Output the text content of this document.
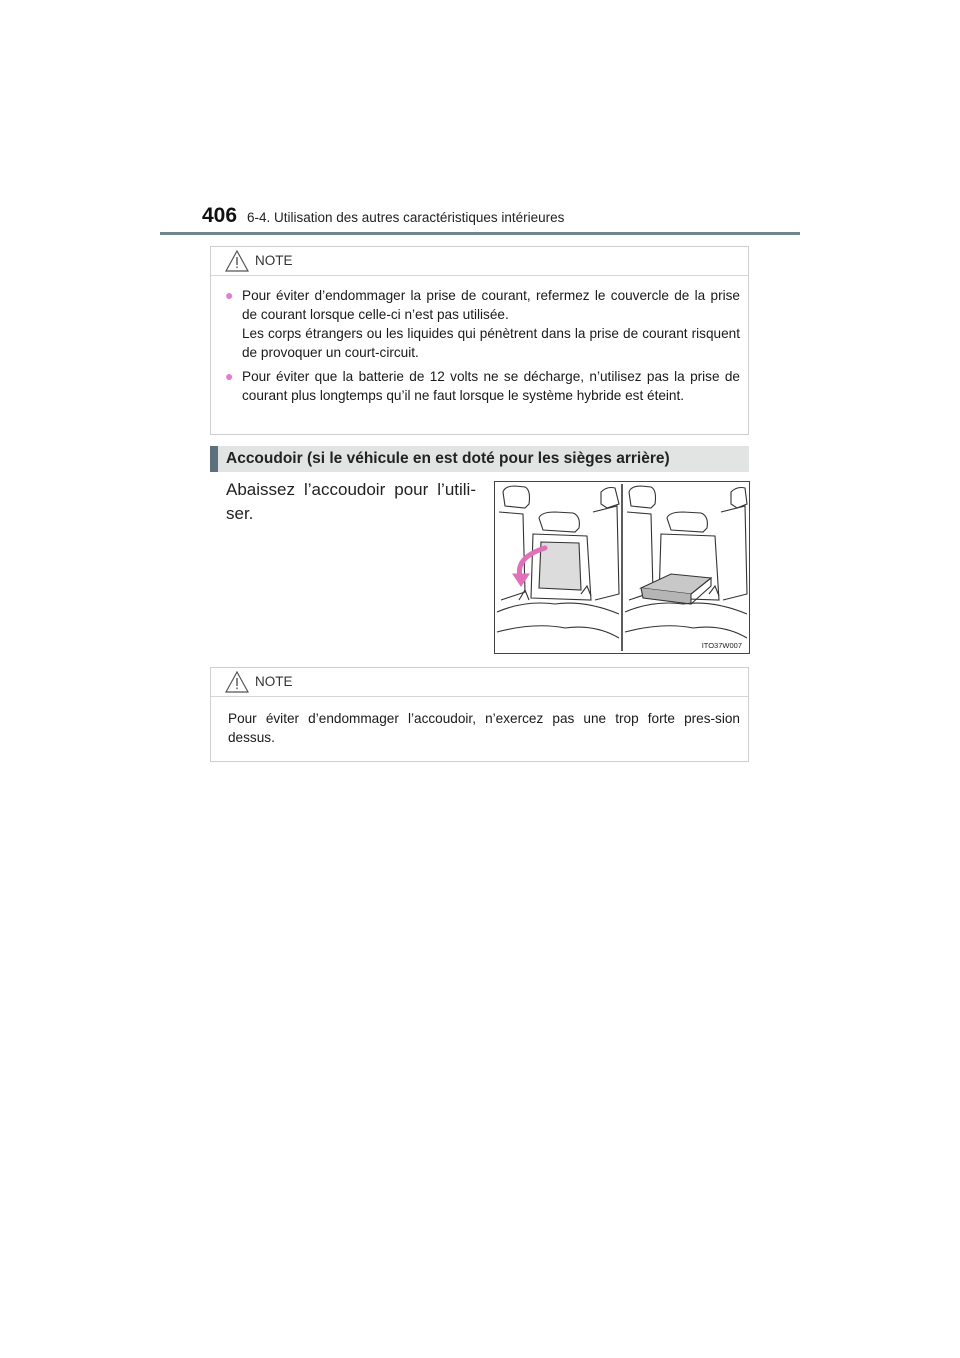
406 6-4. Utilisation des autres caractéristiques intérieures
NOTE
● Pour éviter d’endommager la prise de courant, refermez le couvercle de la prise de courant lorsque celle-ci n’est pas utilisée.
Les corps étrangers ou les liquides qui pénètrent dans la prise de courant risquent de provoquer un court-circuit.
● Pour éviter que la batterie de 12 volts ne se décharge, n’utilisez pas la prise de courant plus longtemps qu’il ne faut lorsque le système hybride est éteint.
Accoudoir (si le véhicule en est doté pour les sièges arrière)
Abaissez l’accoudoir pour l’utili-ser.
ITO37W007
NOTE
Pour éviter d’endommager l’accoudoir, n’exercez pas une trop forte pres-sion dessus.
